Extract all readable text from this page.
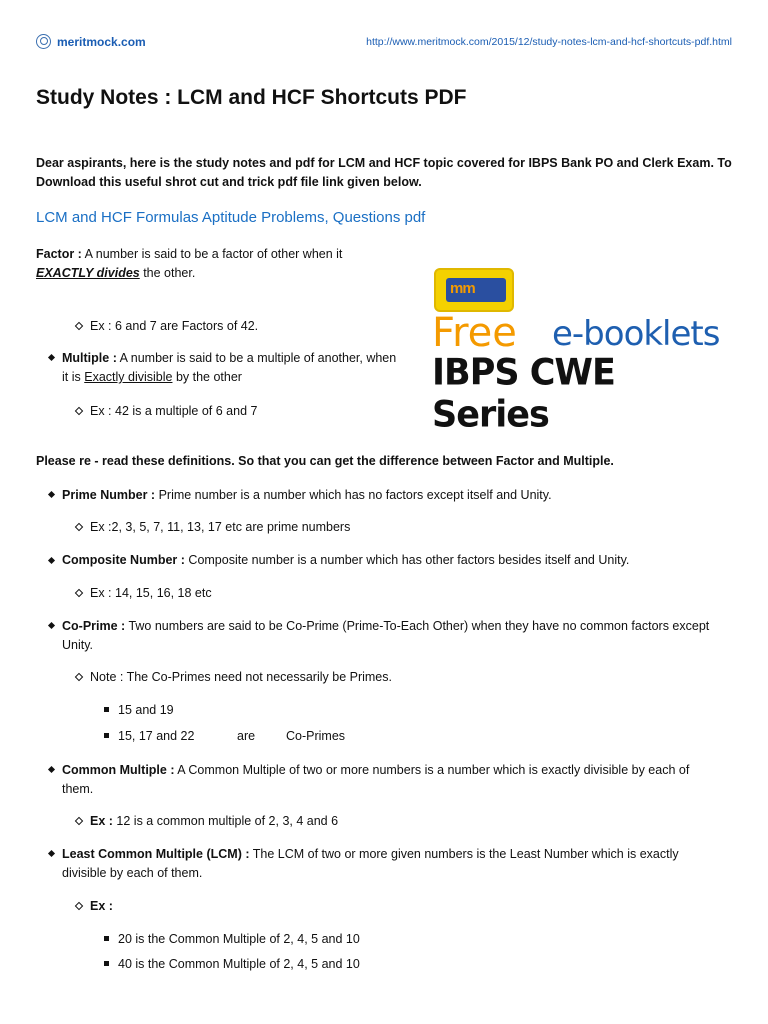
meritmock.com	http://www.meritmock.com/2015/12/study-notes-lcm-and-hcf-shortcuts-pdf.html
Study Notes : LCM and HCF Shortcuts PDF
Dear aspirants, here is the study notes and pdf for LCM and HCF topic covered for IBPS Bank PO and Clerk Exam. To Download this useful shrot cut and trick pdf file link given below.
LCM and HCF Formulas Aptitude Problems, Questions pdf
Factor : A number is said to be a factor of other when it EXACTLY divides the other.
Ex : 6 and 7 are Factors of 42.
Multiple : A number is said to be a multiple of another, when it is Exactly divisible by the other
Ex : 42 is a multiple of 6 and 7
mm
Free e-booklets
IBPS CWE Series
Please re - read these definitions. So that you can get the difference between Factor and Multiple.
Prime Number : Prime number is a number which has no factors except itself and Unity.
Ex :2, 3, 5, 7, 11, 13, 17 etc are prime numbers
Composite Number : Composite number is a number which has other factors besides itself and Unity.
Ex : 14, 15, 16, 18 etc
Co-Prime : Two numbers are said to be Co-Prime (Prime-To-Each Other) when they have no common factors except Unity.
Note : The Co-Primes need not necessarily be Primes.
15 and 19
15, 17 and 22	are Co-Primes
Common Multiple : A Common Multiple of two or more numbers is a number which is exactly divisible by each of them.
Ex : 12 is a common multiple of 2, 3, 4 and 6
Least Common Multiple (LCM) : The LCM of two or more given numbers is the Least Number which is exactly divisible by each of them.
Ex :
20 is the Common Multiple of 2, 4, 5 and 10
40 is the Common Multiple of 2, 4, 5 and 10
